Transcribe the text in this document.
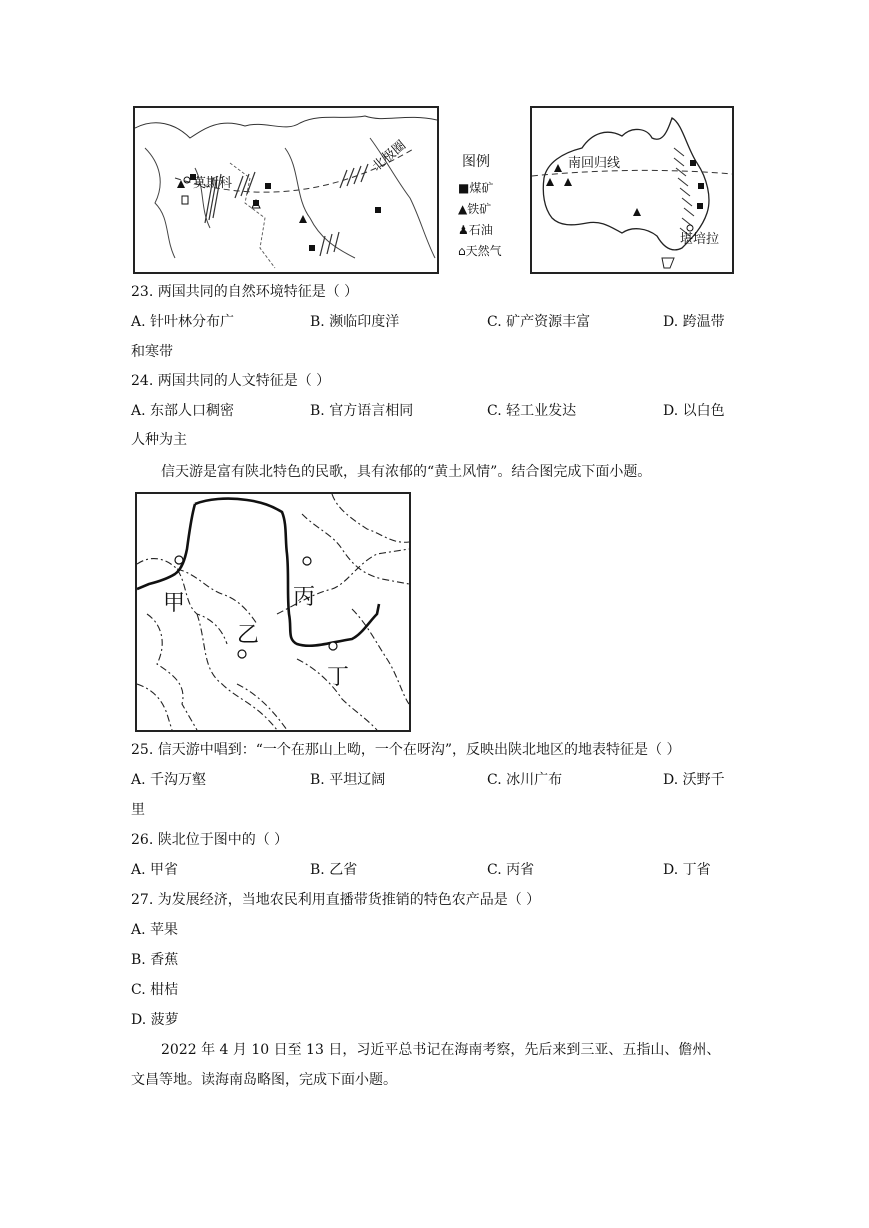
莫斯科
北极圈	图例
■煤矿
▲铁矿
♟石油
⌂天然气
南回归线
堪培拉
23. 两国共同的自然环境特征是（ ）
A. 针叶林分布广	B. 濒临印度洋	C. 矿产资源丰富	D. 跨温带
和寒带
24. 两国共同的人文特征是（ ）
A. 东部人口稠密	B. 官方语言相同	C. 轻工业发达	D. 以白色
人种为主
信天游是富有陕北特色的民歌，具有浓郁的“黄土风情”。结合图完成下面小题。
甲
乙
丙
丁
25. 信天游中唱到：“一个在那山上呦，一个在呀沟”，反映出陕北地区的地表特征是（ ）
A. 千沟万壑	B. 平坦辽阔	C. 冰川广布	D. 沃野千
里
26. 陕北位于图中的（ ）
A. 甲省	B. 乙省	C. 丙省	D. 丁省
27. 为发展经济，当地农民利用直播带货推销的特色农产品是（ ）
A. 苹果
B. 香蕉
C. 柑桔
D. 菠萝
2022 年 4 月 10 日至 13 日，习近平总书记在海南考察，先后来到三亚、五指山、儋州、
文昌等地。读海南岛略图，完成下面小题。
